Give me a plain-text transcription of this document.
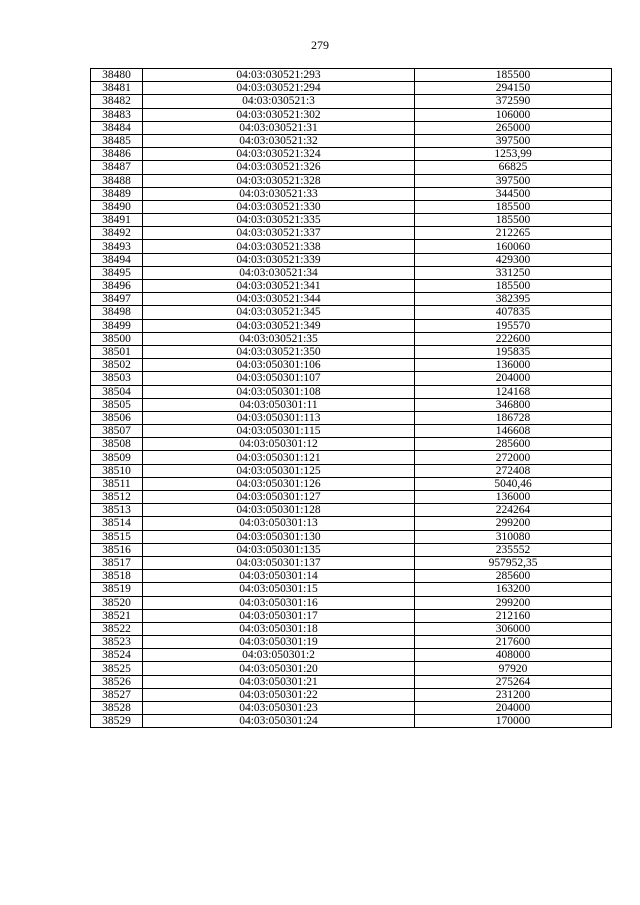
279
38480	04:03:030521:293	185500
38481	04:03:030521:294	294150
38482	04:03:030521:3	372590
38483	04:03:030521:302	106000
38484	04:03:030521:31	265000
38485	04:03:030521:32	397500
38486	04:03:030521:324	1253,99
38487	04:03:030521:326	66825
38488	04:03:030521:328	397500
38489	04:03:030521:33	344500
38490	04:03:030521:330	185500
38491	04:03:030521:335	185500
38492	04:03:030521:337	212265
38493	04:03:030521:338	160060
38494	04:03:030521:339	429300
38495	04:03:030521:34	331250
38496	04:03:030521:341	185500
38497	04:03:030521:344	382395
38498	04:03:030521:345	407835
38499	04:03:030521:349	195570
38500	04:03:030521:35	222600
38501	04:03:030521:350	195835
38502	04:03:050301:106	136000
38503	04:03:050301:107	204000
38504	04:03:050301:108	124168
38505	04:03:050301:11	346800
38506	04:03:050301:113	186728
38507	04:03:050301:115	146608
38508	04:03:050301:12	285600
38509	04:03:050301:121	272000
38510	04:03:050301:125	272408
38511	04:03:050301:126	5040,46
38512	04:03:050301:127	136000
38513	04:03:050301:128	224264
38514	04:03:050301:13	299200
38515	04:03:050301:130	310080
38516	04:03:050301:135	235552
38517	04:03:050301:137	957952,35
38518	04:03:050301:14	285600
38519	04:03:050301:15	163200
38520	04:03:050301:16	299200
38521	04:03:050301:17	212160
38522	04:03:050301:18	306000
38523	04:03:050301:19	217600
38524	04:03:050301:2	408000
38525	04:03:050301:20	97920
38526	04:03:050301:21	275264
38527	04:03:050301:22	231200
38528	04:03:050301:23	204000
38529	04:03:050301:24	170000
